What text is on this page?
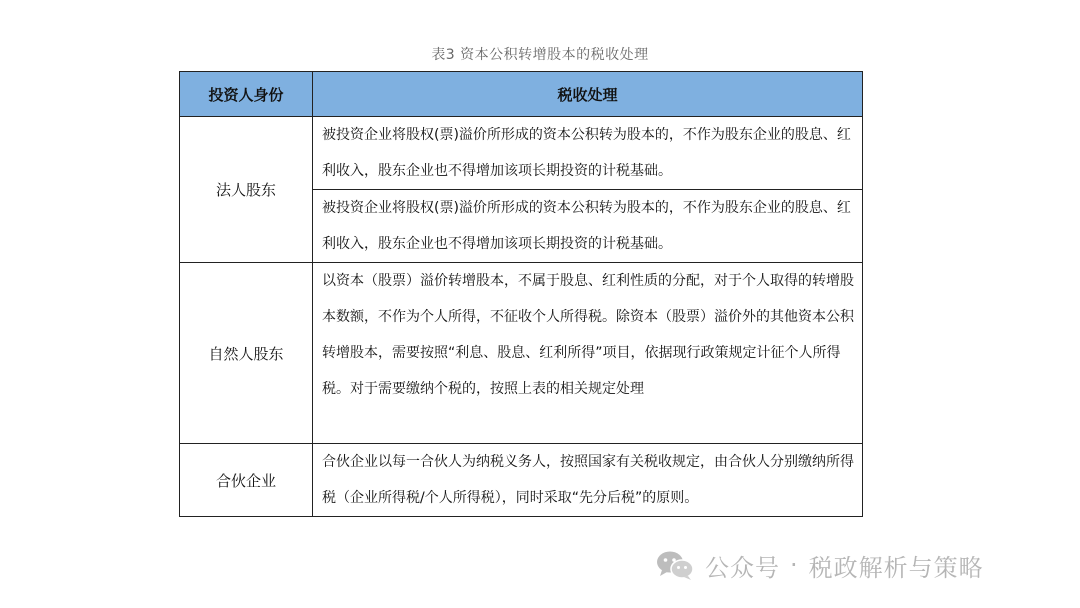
表3 资本公积转增股本的税收处理
投资人身份	税收处理
法人股东	被投资企业将股权(票)溢价所形成的资本公积转为股本的，不作为股东企业的股息、红利收入，股东企业也不得增加该项长期投资的计税基础。
	被投资企业将股权(票)溢价所形成的资本公积转为股本的，不作为股东企业的股息、红利收入，股东企业也不得增加该项长期投资的计税基础。
自然人股东	以资本（股票）溢价转增股本，不属于股息、红利性质的分配，对于个人取得的转增股本数额，不作为个人所得，不征收个人所得税。除资本（股票）溢价外的其他资本公积转增股本，需要按照“利息、股息、红利所得”项目，依据现行政策规定计征个人所得税。对于需要缴纳个税的，按照上表的相关规定处理
合伙企业	合伙企业以每一合伙人为纳税义务人，按照国家有关税收规定，由合伙人分别缴纳所得税（企业所得税/个人所得税），同时采取“先分后税”的原则。
公众号 · 税政解析与策略
